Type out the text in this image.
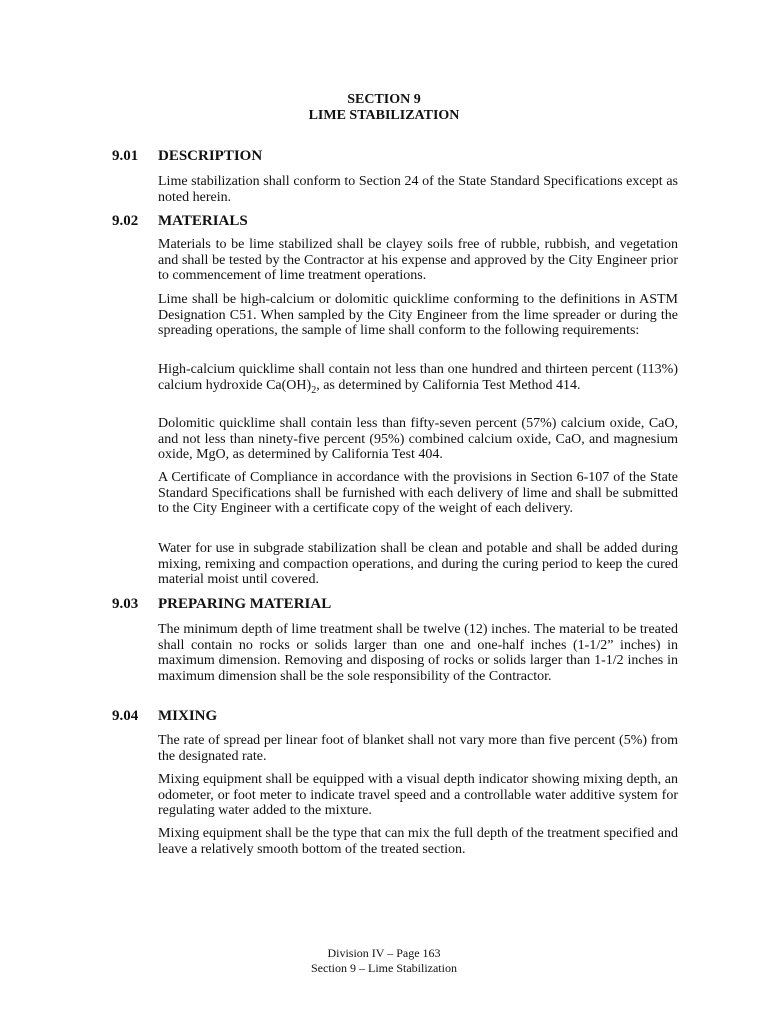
SECTION 9
LIME STABILIZATION
9.01 DESCRIPTION
Lime stabilization shall conform to Section 24 of the State Standard Specifications except as noted herein.
9.02 MATERIALS
Materials to be lime stabilized shall be clayey soils free of rubble, rubbish, and vegetation and shall be tested by the Contractor at his expense and approved by the City Engineer prior to commencement of lime treatment operations.
Lime shall be high-calcium or dolomitic quicklime conforming to the definitions in ASTM Designation C51. When sampled by the City Engineer from the lime spreader or during the spreading operations, the sample of lime shall conform to the following requirements:
High-calcium quicklime shall contain not less than one hundred and thirteen percent (113%) calcium hydroxide $Ca(OH)_2$, as determined by California Test Method 414.
Dolomitic quicklime shall contain less than fifty-seven percent (57%) calcium oxide, CaO, and not less than ninety-five percent (95%) combined calcium oxide, CaO, and magnesium oxide, MgO, as determined by California Test 404.
A Certificate of Compliance in accordance with the provisions in Section 6-107 of the State Standard Specifications shall be furnished with each delivery of lime and shall be submitted to the City Engineer with a certificate copy of the weight of each delivery.
Water for use in subgrade stabilization shall be clean and potable and shall be added during mixing, remixing and compaction operations, and during the curing period to keep the cured material moist until covered.
9.03 PREPARING MATERIAL
The minimum depth of lime treatment shall be twelve (12) inches. The material to be treated shall contain no rocks or solids larger than one and one-half inches (1-1/2” inches) in maximum dimension. Removing and disposing of rocks or solids larger than 1-1/2 inches in maximum dimension shall be the sole responsibility of the Contractor.
9.04 MIXING
The rate of spread per linear foot of blanket shall not vary more than five percent (5%) from the designated rate.
Mixing equipment shall be equipped with a visual depth indicator showing mixing depth, an odometer, or foot meter to indicate travel speed and a controllable water additive system for regulating water added to the mixture.
Mixing equipment shall be the type that can mix the full depth of the treatment specified and leave a relatively smooth bottom of the treated section.
Division IV – Page 163
Section 9 – Lime Stabilization
